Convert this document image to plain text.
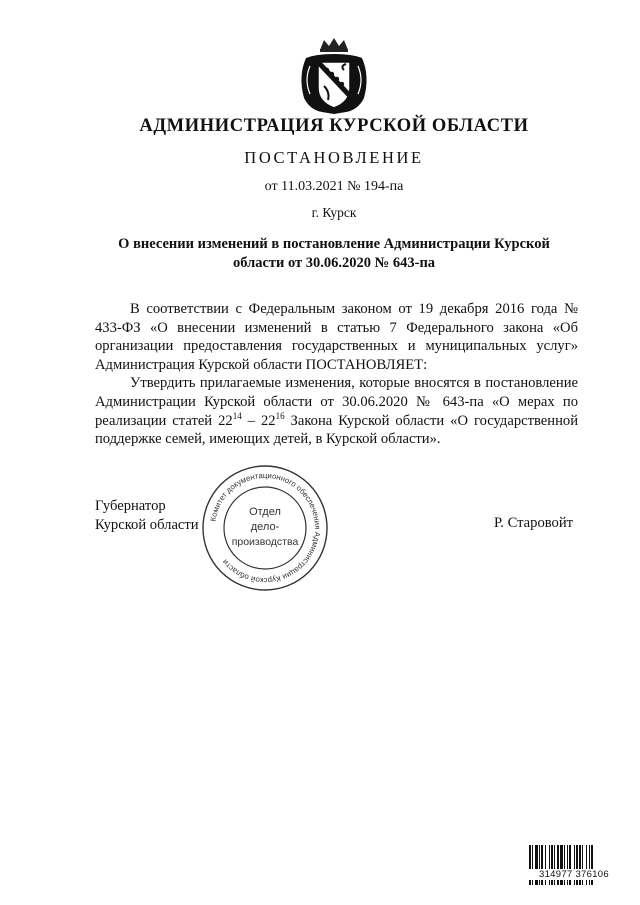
АДМИНИСТРАЦИЯ КУРСКОЙ ОБЛАСТИ
ПОСТАНОВЛЕНИЕ
от 11.03.2021 № 194-па
г. Курск
О внесении изменений в постановление Администрации Курской
области от 30.06.2020 № 643-па

В соответствии с Федеральным законом от 19 декабря 2016 года № 433-ФЗ «О внесении изменений в статью 7 Федерального закона «Об организации предоставления государственных и муниципальных услуг» Администрация Курской области ПОСТАНОВЛЯЕТ:

Утвердить прилагаемые изменения, которые вносятся в постановление Администрации Курской области от 30.06.2020 № 643-па «О мерах по реализации статей $22^{14} - 22^{16}$ Закона Курской области «О государственной поддержке семей, имеющих детей, в Курской области».

Губернатор
Курской области	Р. Старовойт
Комитет документационного обеспечения Администрации Курской области
Отдел
дело-
производства
314977 376106
